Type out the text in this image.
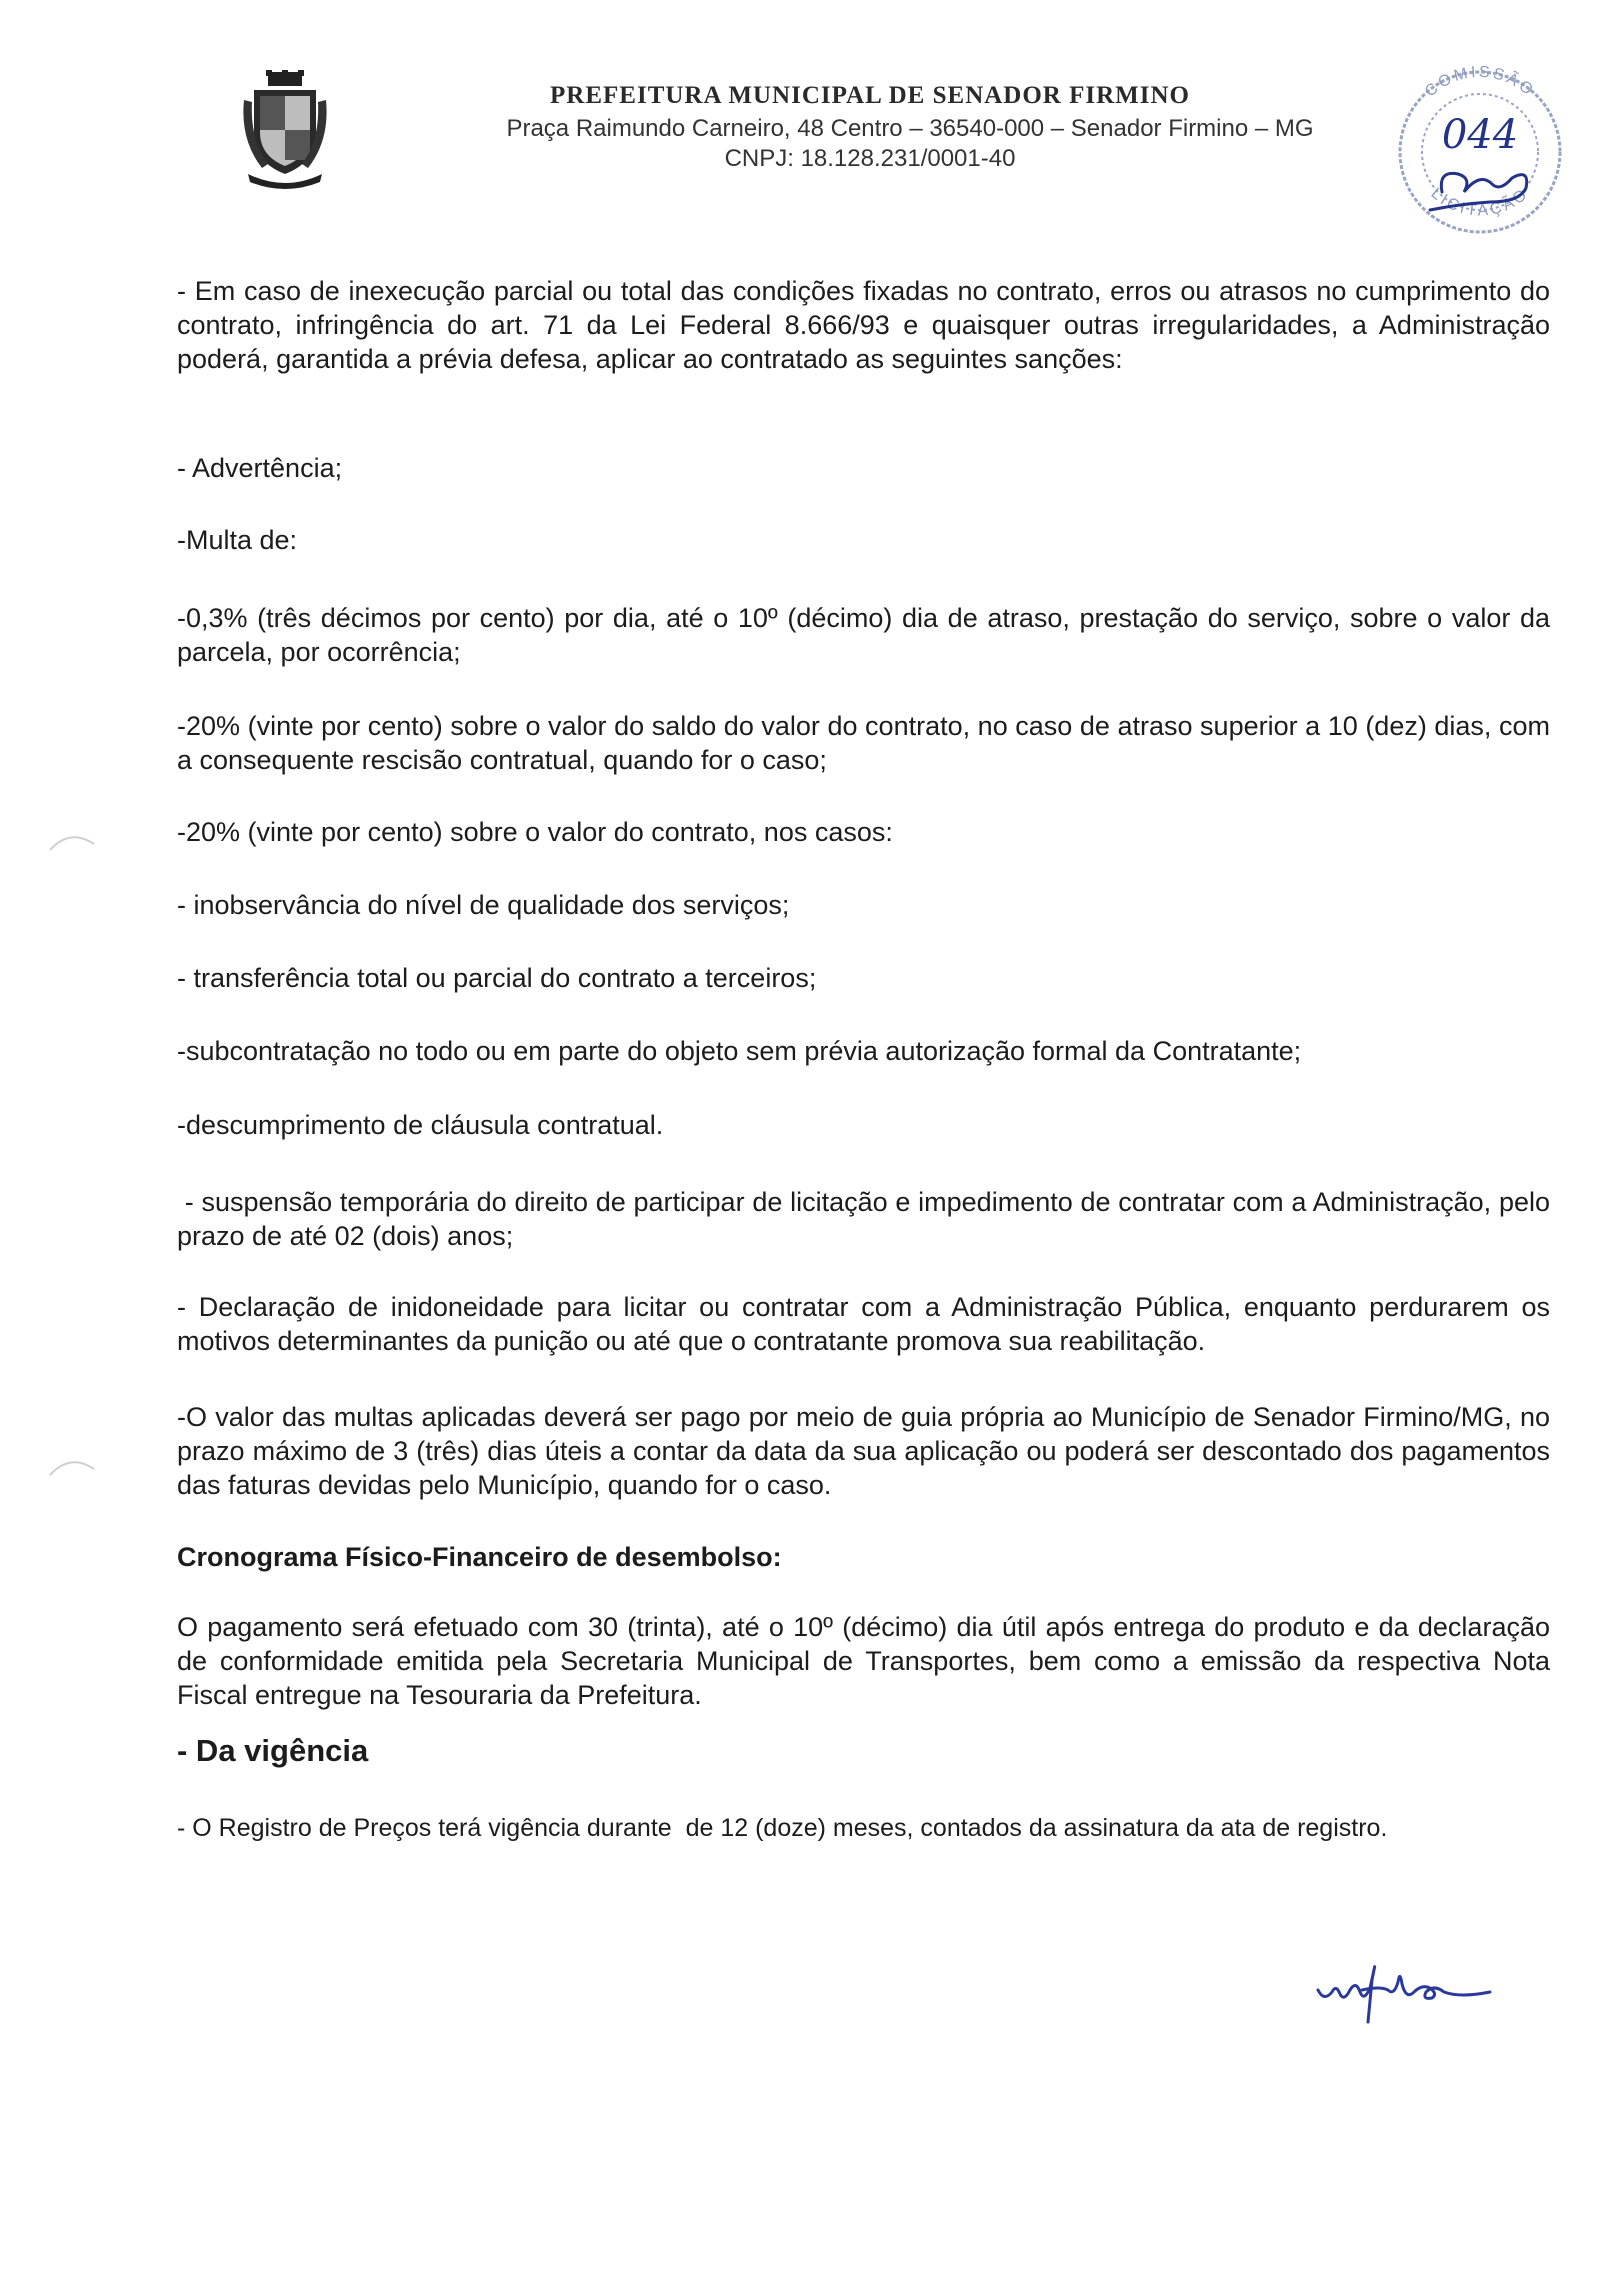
PREFEITURA MUNICIPAL DE SENADOR FIRMINO
Praça Raimundo Carneiro, 48 Centro – 36540-000 – Senador Firmino – MG
CNPJ: 18.128.231/0001-40
COMISSÃO
LICITAÇÃO
044

- Em caso de inexecução parcial ou total das condições fixadas no contrato, erros ou atrasos no cumprimento do contrato, infringência do art. 71 da Lei Federal 8.666/93 e quaisquer outras irregularidades, a Administração poderá, garantida a prévia defesa, aplicar ao contratado as seguintes sanções:

- Advertência;

-Multa de:

-0,3% (três décimos por cento) por dia, até o 10º (décimo) dia de atraso, prestação do serviço, sobre o valor da parcela, por ocorrência;

-20% (vinte por cento) sobre o valor do saldo do valor do contrato, no caso de atraso superior a 10 (dez) dias, com a consequente rescisão contratual, quando for o caso;

-20% (vinte por cento) sobre o valor do contrato, nos casos:

- inobservância do nível de qualidade dos serviços;

- transferência total ou parcial do contrato a terceiros;

-subcontratação no todo ou em parte do objeto sem prévia autorização formal da Contratante;

-descumprimento de cláusula contratual.

- suspensão temporária do direito de participar de licitação e impedimento de contratar com a Administração, pelo prazo de até 02 (dois) anos;

- Declaração de inidoneidade para licitar ou contratar com a Administração Pública, enquanto perdurarem os motivos determinantes da punição ou até que o contratante promova sua reabilitação.

-O valor das multas aplicadas deverá ser pago por meio de guia própria ao Município de Senador Firmino/MG, no prazo máximo de 3 (três) dias úteis a contar da data da sua aplicação ou poderá ser descontado dos pagamentos das faturas devidas pelo Município, quando for o caso.

Cronograma Físico-Financeiro de desembolso:

O pagamento será efetuado com 30 (trinta), até o 10º (décimo) dia útil após entrega do produto e da declaração de conformidade emitida pela Secretaria Municipal de Transportes, bem como a emissão da respectiva Nota Fiscal entregue na Tesouraria da Prefeitura.

- Da vigência

- O Registro de Preços terá vigência durante  de 12 (doze) meses, contados da assinatura da ata de registro.
